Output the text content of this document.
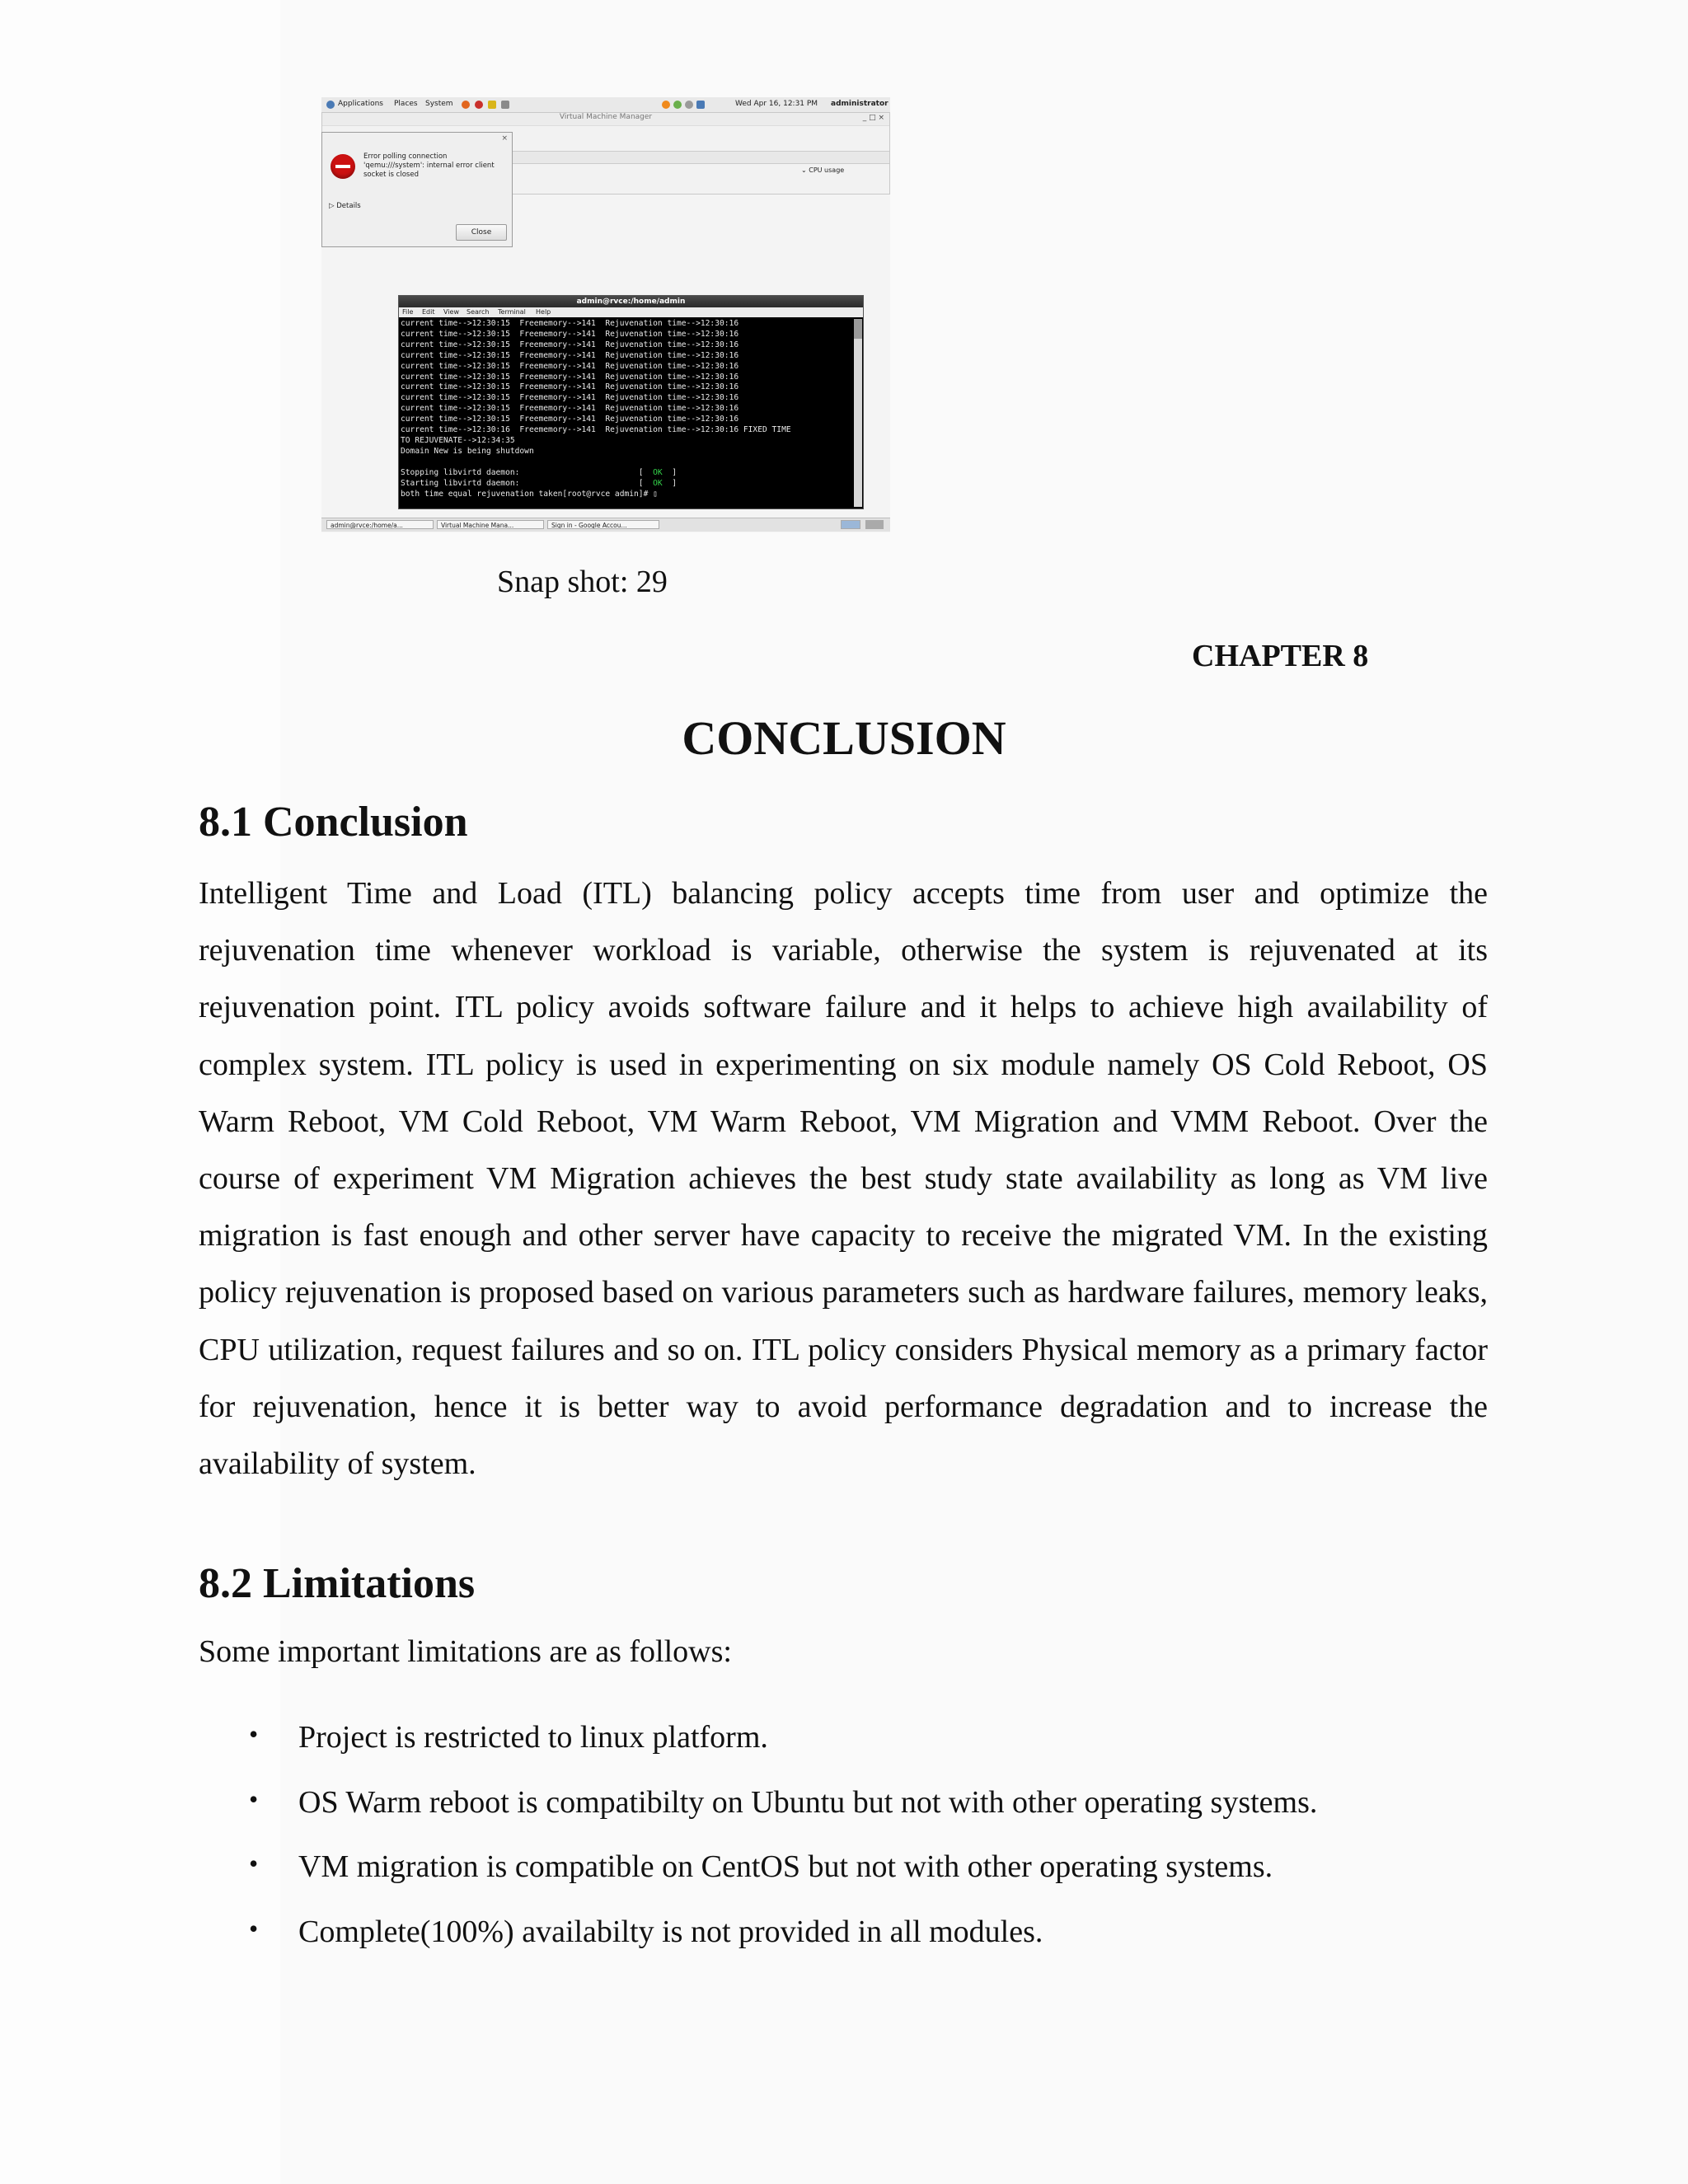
Applications Places System	Wed Apr 16, 12:31 PM administrator
Virtual Machine Manager	_ □ ×
⌄ CPU usage
×
Error polling connection 'qemu:///system': internal error client socket is closed
▷ Details
Close
admin@rvce:/home/admin
File Edit View Search Terminal Help
current time-->12:30:15  Freememory-->141  Rejuvenation time-->12:30:16
current time-->12:30:15  Freememory-->141  Rejuvenation time-->12:30:16
current time-->12:30:15  Freememory-->141  Rejuvenation time-->12:30:16
current time-->12:30:15  Freememory-->141  Rejuvenation time-->12:30:16
current time-->12:30:15  Freememory-->141  Rejuvenation time-->12:30:16
current time-->12:30:15  Freememory-->141  Rejuvenation time-->12:30:16
current time-->12:30:15  Freememory-->141  Rejuvenation time-->12:30:16
current time-->12:30:15  Freememory-->141  Rejuvenation time-->12:30:16
current time-->12:30:15  Freememory-->141  Rejuvenation time-->12:30:16
current time-->12:30:15  Freememory-->141  Rejuvenation time-->12:30:16
current time-->12:30:16  Freememory-->141  Rejuvenation time-->12:30:16 FIXED TIME
TO REJUVENATE-->12:34:35
Domain New is being shutdown

Stopping libvirtd daemon:                         [  OK  ]
Starting libvirtd daemon:                         [  OK  ]
both time equal rejuvenation taken[root@rvce admin]# ▯
admin@rvce:/home/a...	Virtual Machine Mana...	Sign in - Google Accou...
Snap shot: 29
CHAPTER 8
CONCLUSION
8.1 Conclusion

Intelligent Time and Load (ITL) balancing policy accepts time from user and optimize the rejuvenation time whenever workload is variable, otherwise the system is rejuvenated at its rejuvenation point. ITL policy avoids software failure and it helps to achieve high availability of complex system. ITL policy is used in experimenting on six module namely OS Cold Reboot, OS Warm Reboot, VM Cold Reboot, VM Warm Reboot, VM Migration and VMM Reboot. Over the course of experiment VM Migration achieves the best study state availability as long as VM live migration is fast enough and other server have capacity to receive the migrated VM. In the existing policy rejuvenation is proposed based on various parameters such as hardware failures, memory leaks, CPU utilization, request failures and so on. ITL policy considers Physical memory as a primary factor for rejuvenation, hence it is better way to avoid performance degradation and to increase the availability of system.

8.2 Limitations
Some important limitations are as follows:
• Project is restricted to linux platform.
• OS Warm reboot is compatibilty on Ubuntu but not with other operating systems.
• VM migration is compatible on CentOS but not with other operating systems.
• Complete(100%) availabilty is not provided in all modules.
